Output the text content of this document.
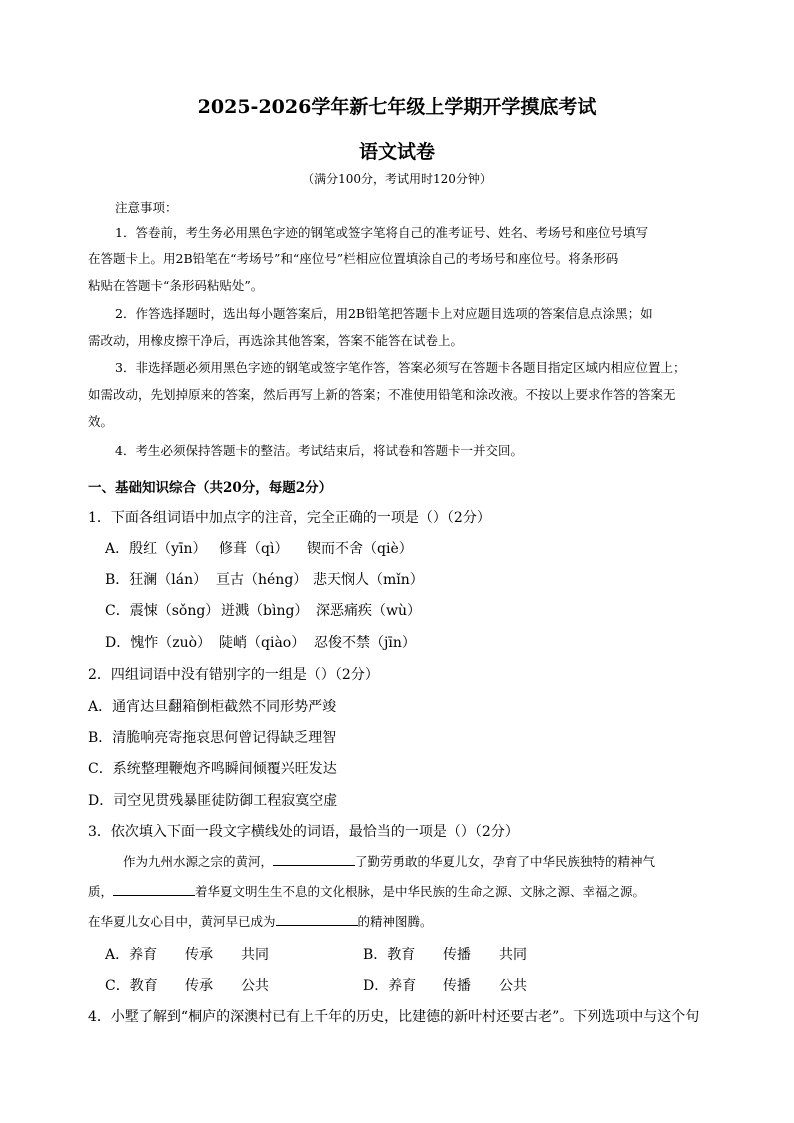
2025-2026学年新七年级上学期开学摸底考试
语文试卷
（满分100分，考试用时120分钟）
注意事项：
1．答卷前，考生务必用黑色字迹的钢笔或签字笔将自己的准考证号、姓名、考场号和座位号填写
在答题卡上。用2B铅笔在“考场号”和“座位号”栏相应位置填涂自己的考场号和座位号。将条形码
粘贴在答题卡“条形码粘贴处”。
2．作答选择题时，选出每小题答案后，用2B铅笔把答题卡上对应题目选项的答案信息点涂黑；如
需改动，用橡皮擦干净后，再选涂其他答案，答案不能答在试卷上。
3．非选择题必须用黑色字迹的钢笔或签字笔作答，答案必须写在答题卡各题目指定区域内相应位置上；
如需改动，先划掉原来的答案，然后再写上新的答案；不准使用铅笔和涂改液。不按以上要求作答的答案无
效。
4．考生必须保持答题卡的整洁。考试结束后，将试卷和答题卡一并交回。
一、基础知识综合（共20分，每题2分）
1．下面各组词语中加点字的注音，完全正确的一项是（）（2分）
A．殷红（yīn） 修葺（qì） 锲而不舍（qiè）
B．狂澜（lán） 亘古（héng） 悲天悯人（mǐn）
C．震悚（sǒng） 迸溅（bìng） 深恶痛疾（wù）
D．愧怍（zuò） 陡峭（qiào） 忍俊不禁（jīn）
2．四组词语中没有错别字的一组是（）（2分）
A．通宵达旦翻箱倒柜截然不同形势严竣
B．清脆响亮寄拖哀思何曾记得缺乏理智
C．系统整理鞭炮齐鸣瞬间倾覆兴旺发达
D．司空见贯残暴匪徒防御工程寂寞空虚
3．依次填入下面一段文字横线处的词语，最恰当的一项是（）（2分）
作为九州水源之宗的黄河，	了勤劳勇敢的华夏儿女，孕育了中华民族独特的精神气
质，	着华夏文明生生不息的文化根脉，是中华民族的生命之源、文脉之源、幸福之源。
在华夏儿女心目中，黄河早已成为	的精神图腾。
A．养育 传承 共同	B．教育 传播 共同
C．教育 传承 公共	D．养育 传播 公共
4．小墅了解到“桐庐的深澳村已有上千年的历史，比建德的新叶村还要古老”。下列选项中与这个句
